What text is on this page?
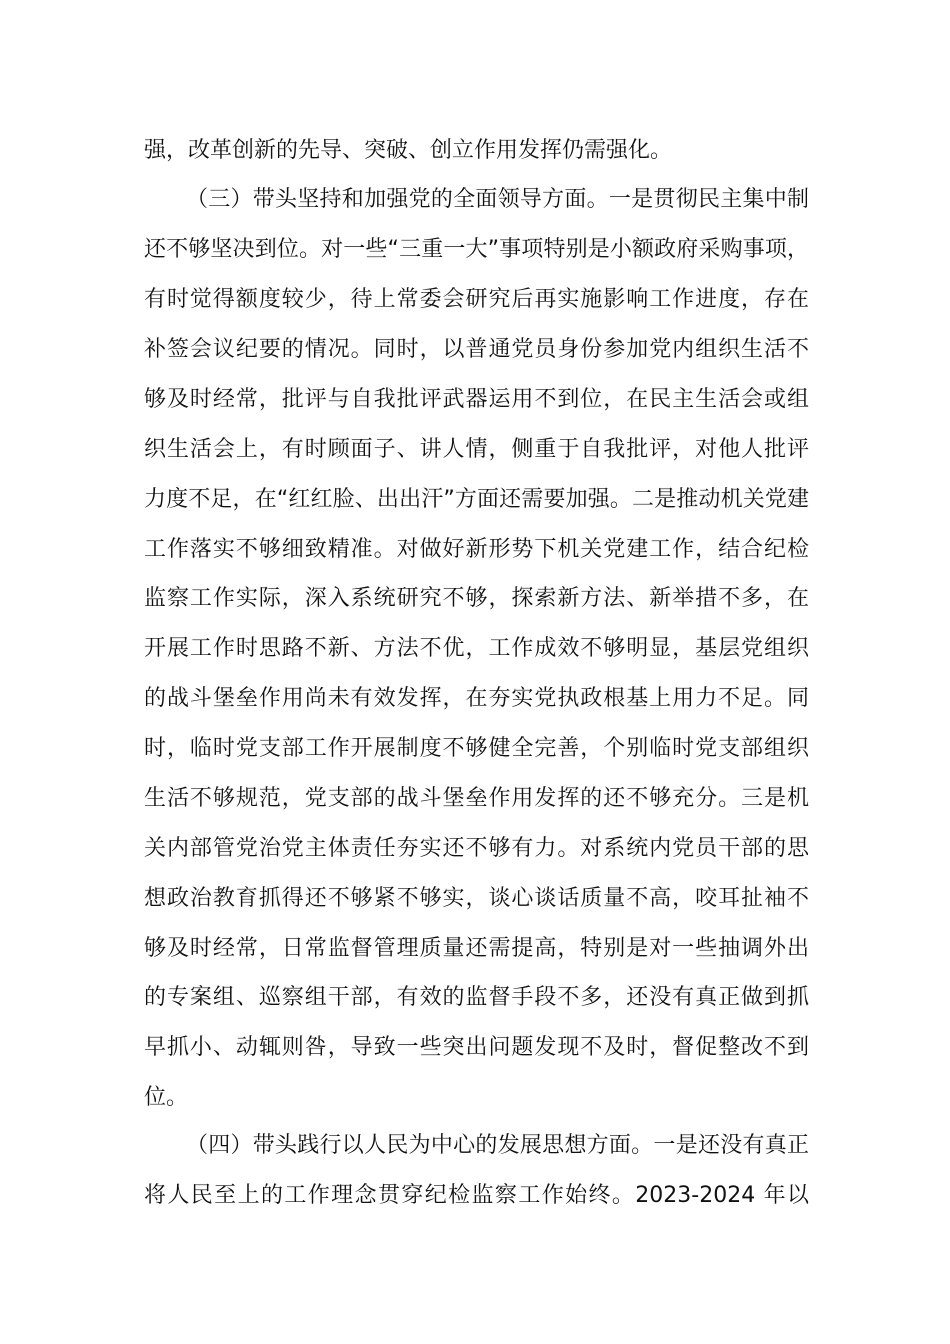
强，改革创新的先导、突破、创立作用发挥仍需强化。
（三）带头坚持和加强党的全面领导方面。一是贯彻民主集中制
还不够坚决到位。对一些“三重一大”事项特别是小额政府采购事项，
有时觉得额度较少，待上常委会研究后再实施影响工作进度，存在
补签会议纪要的情况。同时，以普通党员身份参加党内组织生活不
够及时经常，批评与自我批评武器运用不到位，在民主生活会或组
织生活会上，有时顾面子、讲人情，侧重于自我批评，对他人批评
力度不足，在“红红脸、出出汗”方面还需要加强。二是推动机关党建
工作落实不够细致精准。对做好新形势下机关党建工作，结合纪检
监察工作实际，深入系统研究不够，探索新方法、新举措不多，在
开展工作时思路不新、方法不优，工作成效不够明显，基层党组织
的战斗堡垒作用尚未有效发挥，在夯实党执政根基上用力不足。同
时，临时党支部工作开展制度不够健全完善，个别临时党支部组织
生活不够规范，党支部的战斗堡垒作用发挥的还不够充分。三是机
关内部管党治党主体责任夯实还不够有力。对系统内党员干部的思
想政治教育抓得还不够紧不够实，谈心谈话质量不高，咬耳扯袖不
够及时经常，日常监督管理质量还需提高，特别是对一些抽调外出
的专案组、巡察组干部，有效的监督手段不多，还没有真正做到抓
早抓小、动辄则咎，导致一些突出问题发现不及时，督促整改不到
位。
（四）带头践行以人民为中心的发展思想方面。一是还没有真正
将人民至上的工作理念贯穿纪检监察工作始终。2023-2024 年以
